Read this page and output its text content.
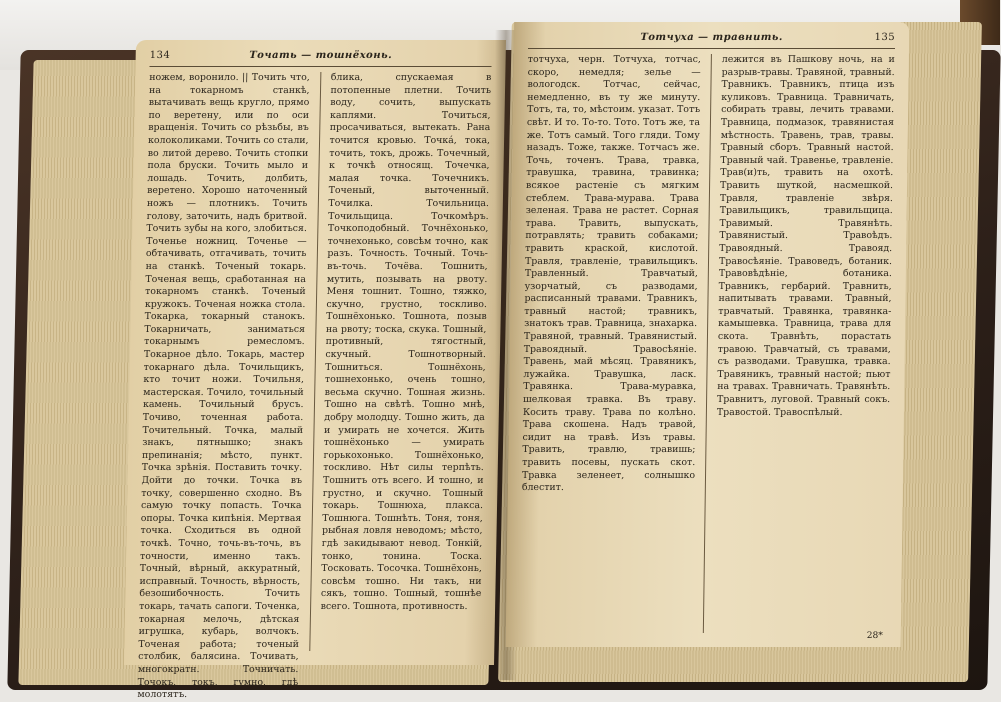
134	Точать — тошнёхонь.
ножем, воронило. || Точить что, на токарномъ станкѣ, вытачивать вещь кругло, прямо по веретену, или по оси вращенія. Точить со рѣзьбы, въ колоколиками. Точить со стали, во литой дерево. Точить стопки пола бруски. Точить мыло и лошадь. Точить, долбить, веретено. Хорошо наточенный ножъ — плотникъ. Точить голову, заточить, надъ бритвой. Точить зубы на кого, злобиться. Точенье ножниц. Точенье — обтачивать, отгачивать, точить на станкѣ. Точеный токарь. Точеная вещь, сработанная на токарномъ станкѣ. Точеный кружокъ. Точеная ножка стола. Токарка, токарный станокъ. Токарничать, заниматься токарнымъ ремесломъ. Токарное дѣло. Токарь, мастер токарнаго дѣла. Точильщикъ, кто точит ножи. Точильня, мастерская. Точило, точильный камень. Точильный брусъ. Точиво, точенная работа. Точительный. Точка, малый знакъ, пятнышко; знакъ препинанія; мѣсто, пункт. Точка зрѣнія. Поставить точку. Дойти до точки. Точка въ точку, совершенно сходно. Въ самую точку попасть. Точка опоры. Точка кипѣнія. Мертвая точка. Сходиться въ одной точкѣ. Точно, точь-въ-точь, въ точности, именно такъ. Точный, вѣрный, аккуратный, исправный. Точность, вѣрность, безошибочность. Точить токарь, тачать сапоги. Точенка, токарная мелочь, дѣтская игрушка, кубарь, волчокъ. Точеная работа; точеный столбик, балясина. Точивать, многократн. Точничать. Точокъ, токъ, гумно, гдѣ молотятъ.
блика, спускаемая в потопенные плетни. Точить воду, сочить, выпускать каплями. Точиться, просачиваться, вытекать. Рана точится кровью. Точкá, тока, точить, токъ, дрожь. Точечный, к точкѣ относящ. Точечка, малая точка. Точечникъ. Точеный, выточенный. Точилка. Точильница. Точильщица. Точкомѣръ. Точкоподобный. Точнёхонько, точнехонько, совсѣм точно, как разъ. Точность. Точный. Точь-въ-точь. Точёва. Тошнить, мутить, позывать на рвоту. Меня тошнит. Тошно, тяжко, скучно, грустно, тоскливо. Тошнёхонько. Тошнота, позыв на рвоту; тоска, скука. Тошный, противный, тягостный, скучный. Тошнотворный. Тошниться. Тошнёхонь, тошнехонько, очень тошно, весьма скучно. Тошная жизнь. Тошно на свѣтѣ. Тошно мнѣ, добру молодцу. Тошно жить, да и умирать не хочется. Жить тошнёхонько — умирать горькохонько. Тошнёхонько, тоскливо. Нѣт силы терпѣть. Тошнитъ отъ всего. И тошно, и грустно, и скучно. Тошный токарь. Тошнюха, плакса. Тошнюга. Тошнѣть. Тоня, тоня, рыбная ловля неводомъ; мѣсто, гдѣ закидывают невод. Тонкій, тонко, тонина. Тоска. Тосковать. Тосочка. Тошнёхонь, совсѣм тошно. Ни такъ, ни сякъ, тошно. Тошный, тошнѣе всего. Тошнота, противность.
Тотчуха — травнить.	135
тотчуха, черн. Тотчуха, тотчас, скоро, немедля; зелье — вологодск. Тотчас, сейчас, немедленно, въ ту же минуту. Тотъ, та, то, мѣстоим. указат. Тотъ свѣт. И то. То-то. Тото. Тотъ же, та же. Тотъ самый. Того гляди. Тому назадъ. Тоже, также. Тотчасъ же. Точь, точенъ. Трава, травка, травушка, травина, травинка; всякое растеніе съ мягким стеблем. Трава-мурава. Трава зеленая. Трава не растет. Сорная трава. Травить, выпускать, потравлять; травить собаками; травить краской, кислотой. Травля, травленіе, травильщикъ. Травленный. Травчатый, узорчатый, съ разводами, расписанный травами. Травникъ, травный настой; травникъ, знатокъ трав. Травница, знахарка. Травяной, травный. Травянистый. Травоядный. Травосѣяніе. Травень, май мѣсяц. Травяникъ, лужайка. Травушка, ласк. Травянка. Трава-муравка, шелковая травка. Въ траву. Косить траву. Трава по колѣно. Трава скошена. Надъ травой, сидит на травѣ. Изъ травы. Травить, травлю, травишь; травить посевы, пускать скот. Травка зеленеет, солнышко блестит.
лежится въ Пашкову ночь, на и разрыв-травы. Травяной, травный. Травникъ. Травникъ, птица изъ куликовъ. Травница. Травничать, собирать травы, лечить травами. Травница, подмазок, травянистая мѣстность. Травень, трав, травы. Травный сборъ. Травный настой. Травный чай. Травенье, травленіе. Трав(и)ть, травить на охотѣ. Травить шуткой, насмешкой. Травля, травленіе звѣря. Травильщикъ, травильщица. Травимый. Травянѣть. Травянистый. Травоѣдъ. Травоядный. Травояд. Травосѣяніе. Травоведъ, ботаник. Травовѣдѣніе, ботаника. Травникъ, гербарий. Травнить, напитывать травами. Травный, травчатый. Травянка, травянка-камышевка. Травница, трава для скота. Травнѣть, порастать травою. Травчатый, съ травами, съ разводами. Травушка, травка. Травяникъ, травный настой; пьют на травах. Травничать. Травянѣть. Травнитъ, луговой. Травный сокъ. Травостой. Травоспѣлый.
28*
